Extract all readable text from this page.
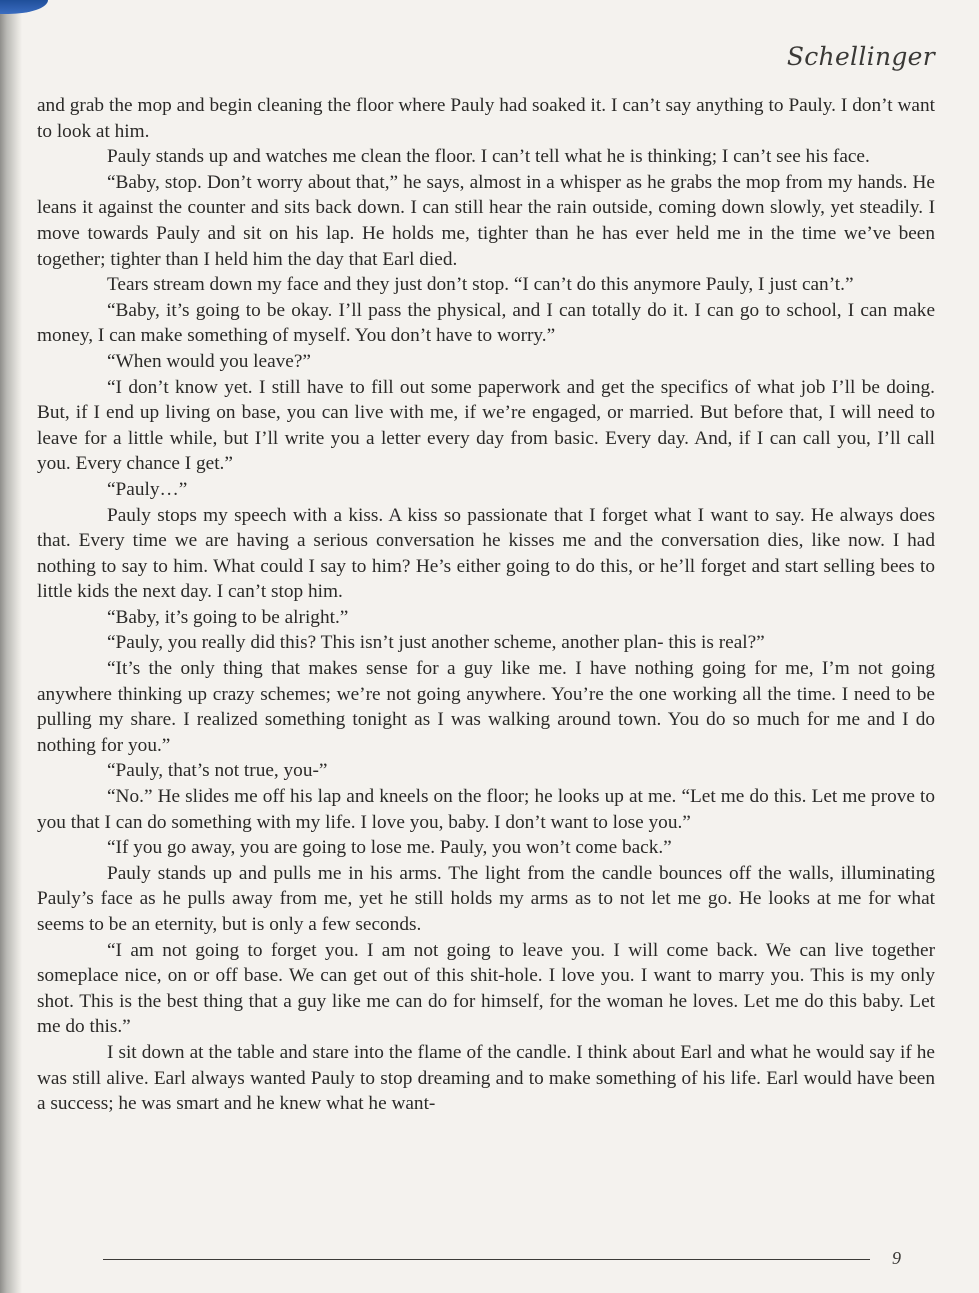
Schellinger

and grab the mop and begin cleaning the floor where Pauly had soaked it. I can’t say anything to Pauly. I don’t want to look at him.

Pauly stands up and watches me clean the floor. I can’t tell what he is thinking; I can’t see his face.

“Baby, stop. Don’t worry about that,” he says, almost in a whisper as he grabs the mop from my hands. He leans it against the counter and sits back down. I can still hear the rain outside, coming down slowly, yet steadily. I move towards Pauly and sit on his lap. He holds me, tighter than he has ever held me in the time we’ve been together; tighter than I held him the day that Earl died.

Tears stream down my face and they just don’t stop. “I can’t do this anymore Pauly, I just can’t.”

“Baby, it’s going to be okay. I’ll pass the physical, and I can totally do it. I can go to school, I can make money, I can make something of myself. You don’t have to worry.”

“When would you leave?”

“I don’t know yet. I still have to fill out some paperwork and get the specifics of what job I’ll be doing. But, if I end up living on base, you can live with me, if we’re engaged, or married. But before that, I will need to leave for a little while, but I’ll write you a letter every day from basic. Every day. And, if I can call you, I’ll call you. Every chance I get.”

“Pauly…”

Pauly stops my speech with a kiss. A kiss so passionate that I forget what I want to say. He always does that. Every time we are having a serious conversation he kisses me and the conversation dies, like now. I had nothing to say to him. What could I say to him? He’s either going to do this, or he’ll forget and start selling bees to little kids the next day. I can’t stop him.

“Baby, it’s going to be alright.”

“Pauly, you really did this? This isn’t just another scheme, another plan- this is real?”

“It’s the only thing that makes sense for a guy like me. I have nothing going for me, I’m not going anywhere thinking up crazy schemes; we’re not going anywhere. You’re the one working all the time. I need to be pulling my share. I realized something tonight as I was walking around town. You do so much for me and I do nothing for you.”

“Pauly, that’s not true, you-”

“No.” He slides me off his lap and kneels on the floor; he looks up at me. “Let me do this. Let me prove to you that I can do something with my life. I love you, baby. I don’t want to lose you.”

“If you go away, you are going to lose me. Pauly, you won’t come back.”

Pauly stands up and pulls me in his arms. The light from the candle bounces off the walls, illuminating Pauly’s face as he pulls away from me, yet he still holds my arms as to not let me go. He looks at me for what seems to be an eternity, but is only a few seconds.

“I am not going to forget you. I am not going to leave you. I will come back. We can live together someplace nice, on or off base. We can get out of this shit-hole. I love you. I want to marry you. This is my only shot. This is the best thing that a guy like me can do for himself, for the woman he loves. Let me do this baby. Let me do this.”

I sit down at the table and stare into the flame of the candle. I think about Earl and what he would say if he was still alive. Earl always wanted Pauly to stop dreaming and to make something of his life. Earl would have been a success; he was smart and he knew what he want-

9
